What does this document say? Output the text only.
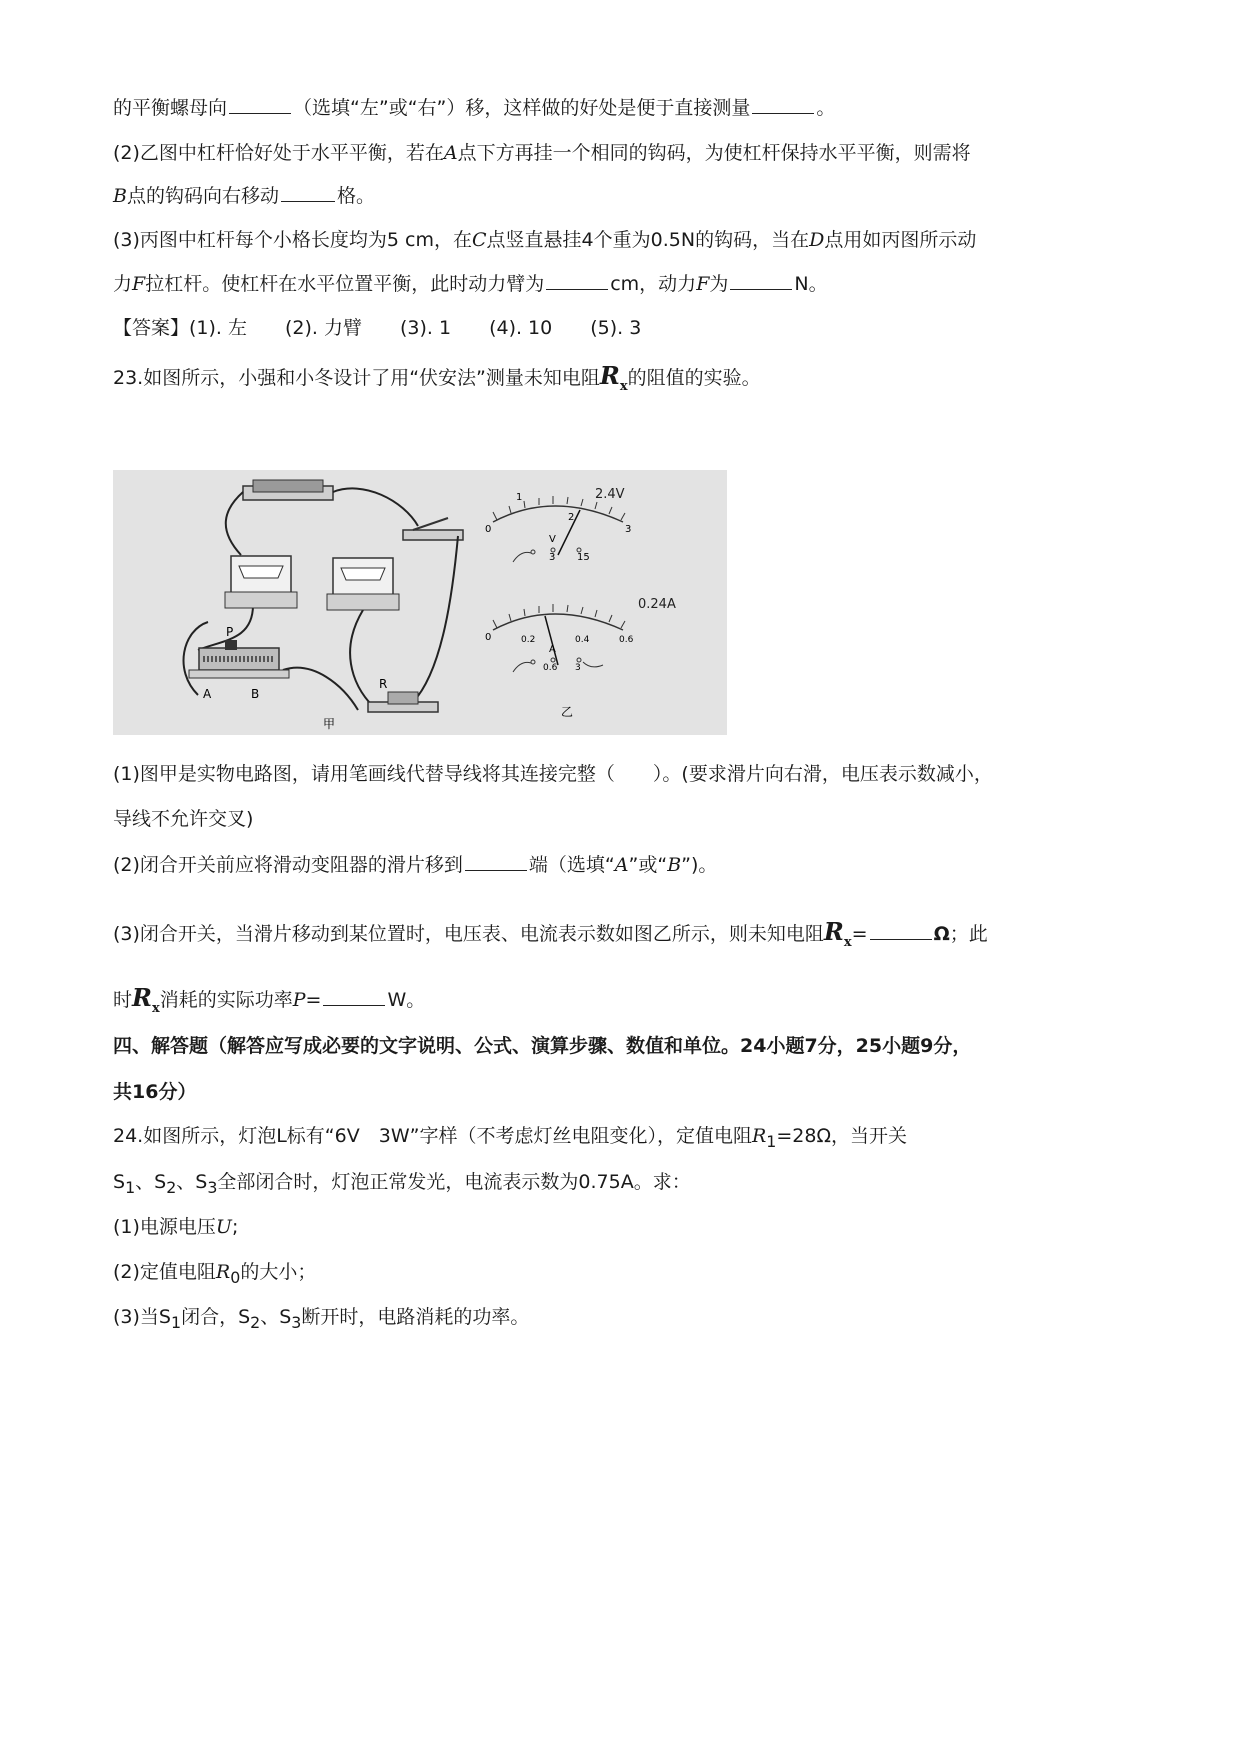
的平衡螺母向	（选填“左”或“右”）移，这样做的好处是便于直接测量	。
(2)乙图中杠杆恰好处于水平平衡，若在A点下方再挂一个相同的钩码，为使杠杆保持水平平衡，则需将
B点的钩码向右移动	格。
(3)丙图中杠杆每个小格长度均为5 cm，在C点竖直悬挂4个重为0.5N的钩码，当在D点用如丙图所示动
力F拉杠杆。使杠杆在水平位置平衡，此时动力臂为	cm，动力F为	N。
【答案】(1). 左　　(2). 力臂　　(3). 1　　(4). 10　　(5). 3
23.如图所示，小强和小冬设计了用“伏安法”测量未知电阻$R_x$的阻值的实验。
P
A	B
R
甲
0
1
2
3
2.4V
V
3 15
0	0.2	0.4	0.6
0.24A
A
0.6 3
乙
(1)图甲是实物电路图，请用笔画线代替导线将其连接完整（　　）。(要求滑片向右滑，电压表示数减小，
导线不允许交叉)
(2)闭合开关前应将滑动变阻器的滑片移到	端（选填“A”或“B”)。
(3)闭合开关，当滑片移动到某位置时，电压表、电流表示数如图乙所示，则未知电阻$R_x=$	Ω；此
时$R_x$消耗的实际功率P=	W。
四、解答题（解答应写成必要的文字说明、公式、演算步骤、数值和单位。24小题7分，25小题9分，
共16分）
24.如图所示，灯泡L标有“6V　3W”字样（不考虑灯丝电阻变化），定值电阻$R_1=28\Omega$，当开关
$S_1$、$S_2$、$S_3$全部闭合时，灯泡正常发光，电流表示数为0.75A。求：
(1)电源电压U;
(2)定值电阻$R_0$的大小；
(3)当$S_1$闭合，$S_2$、$S_3$断开时，电路消耗的功率。
